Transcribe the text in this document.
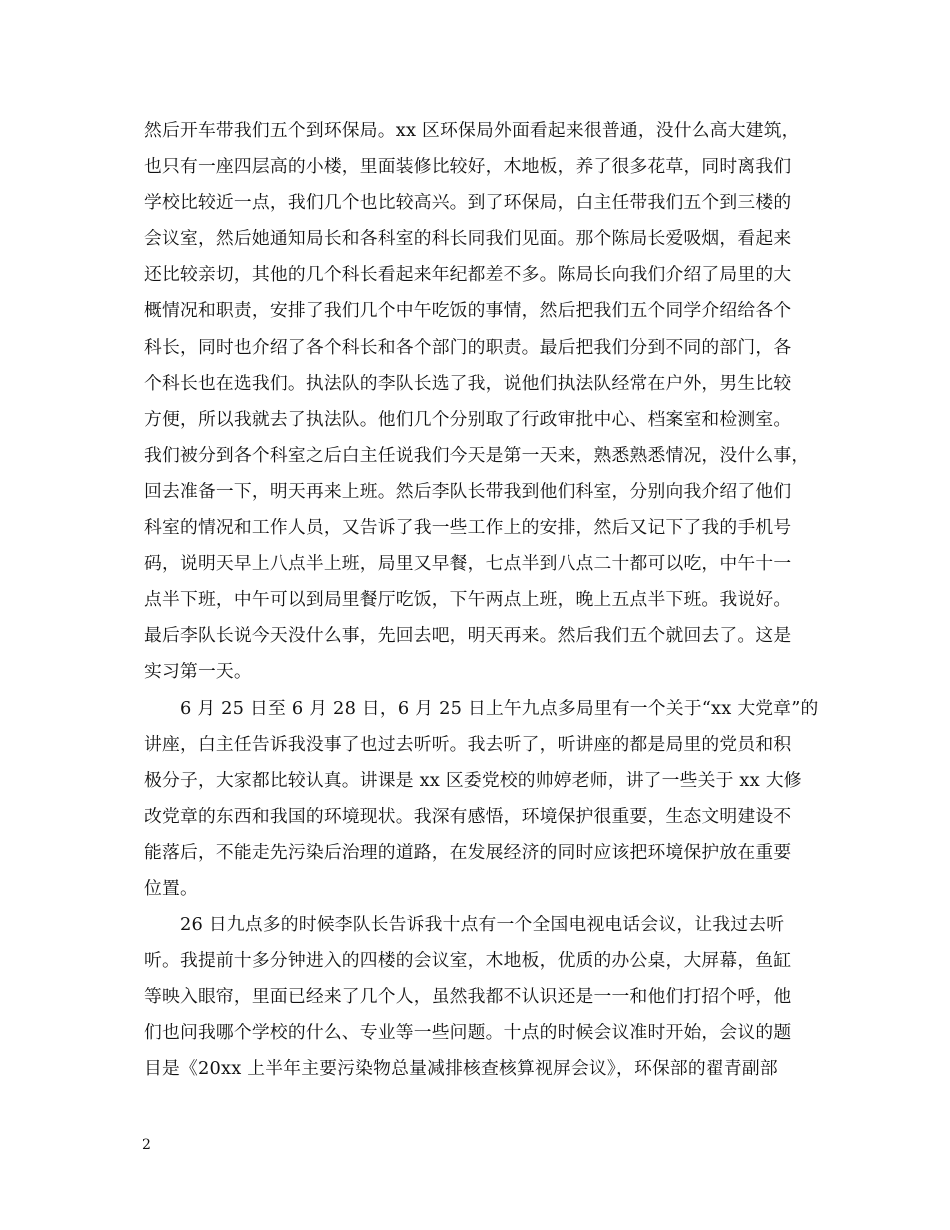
然后开车带我们五个到环保局。xx 区环保局外面看起来很普通，没什么高大建筑，
也只有一座四层高的小楼，里面装修比较好，木地板，养了很多花草，同时离我们
学校比较近一点，我们几个也比较高兴。到了环保局，白主任带我们五个到三楼的
会议室，然后她通知局长和各科室的科长同我们见面。那个陈局长爱吸烟，看起来
还比较亲切，其他的几个科长看起来年纪都差不多。陈局长向我们介绍了局里的大
概情况和职责，安排了我们几个中午吃饭的事情，然后把我们五个同学介绍给各个
科长，同时也介绍了各个科长和各个部门的职责。最后把我们分到不同的部门，各
个科长也在选我们。执法队的李队长选了我，说他们执法队经常在户外，男生比较
方便，所以我就去了执法队。他们几个分别取了行政审批中心、档案室和检测室。
我们被分到各个科室之后白主任说我们今天是第一天来，熟悉熟悉情况，没什么事，
回去准备一下，明天再来上班。然后李队长带我到他们科室，分别向我介绍了他们
科室的情况和工作人员，又告诉了我一些工作上的安排，然后又记下了我的手机号
码，说明天早上八点半上班，局里又早餐，七点半到八点二十都可以吃，中午十一
点半下班，中午可以到局里餐厅吃饭，下午两点上班，晚上五点半下班。我说好。
最后李队长说今天没什么事，先回去吧，明天再来。然后我们五个就回去了。这是
实习第一天。
　　6 月 25 日至 6 月 28 日，6 月 25 日上午九点多局里有一个关于“xx 大党章”的
讲座，白主任告诉我没事了也过去听听。我去听了，听讲座的都是局里的党员和积
极分子，大家都比较认真。讲课是 xx 区委党校的帅婷老师，讲了一些关于 xx 大修
改党章的东西和我国的环境现状。我深有感悟，环境保护很重要，生态文明建设不
能落后，不能走先污染后治理的道路，在发展经济的同时应该把环境保护放在重要
位置。
　　26 日九点多的时候李队长告诉我十点有一个全国电视电话会议，让我过去听
听。我提前十多分钟进入的四楼的会议室，木地板，优质的办公桌，大屏幕，鱼缸
等映入眼帘，里面已经来了几个人，虽然我都不认识还是一一和他们打招个呼，他
们也问我哪个学校的什么、专业等一些问题。十点的时候会议准时开始，会议的题
目是《20xx 上半年主要污染物总量减排核查核算视屏会议》，环保部的翟青副部
2
